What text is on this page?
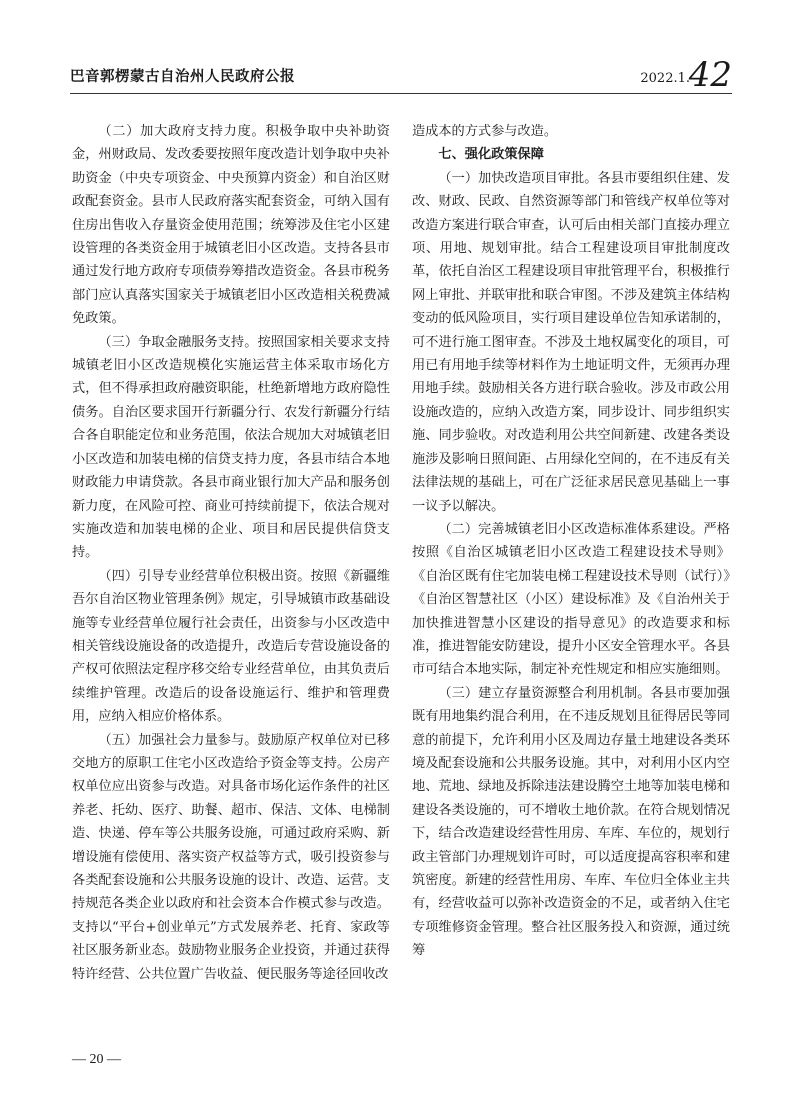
巴音郭楞蒙古自治州人民政府公报	2022.1.
42

（二）加大政府支持力度。积极争取中央补助资金，州财政局、发改委要按照年度改造计划争取中央补助资金（中央专项资金、中央预算内资金）和自治区财政配套资金。县市人民政府落实配套资金，可纳入国有住房出售收入存量资金使用范围；统筹涉及住宅小区建设管理的各类资金用于城镇老旧小区改造。支持各县市通过发行地方政府专项债券筹措改造资金。各县市税务部门应认真落实国家关于城镇老旧小区改造相关税费减免政策。

（三）争取金融服务支持。按照国家相关要求支持城镇老旧小区改造规模化实施运营主体采取市场化方式，但不得承担政府融资职能，杜绝新增地方政府隐性债务。自治区要求国开行新疆分行、农发行新疆分行结合各自职能定位和业务范围，依法合规加大对城镇老旧小区改造和加装电梯的信贷支持力度，各县市结合本地财政能力申请贷款。各县市商业银行加大产品和服务创新力度，在风险可控、商业可持续前提下，依法合规对实施改造和加装电梯的企业、项目和居民提供信贷支持。

（四）引导专业经营单位积极出资。按照《新疆维吾尔自治区物业管理条例》规定，引导城镇市政基础设施等专业经营单位履行社会责任，出资参与小区改造中相关管线设施设备的改造提升，改造后专营设施设备的产权可依照法定程序移交给专业经营单位，由其负责后续维护管理。改造后的设备设施运行、维护和管理费用，应纳入相应价格体系。

（五）加强社会力量参与。鼓励原产权单位对已移交地方的原职工住宅小区改造给予资金等支持。公房产权单位应出资参与改造。对具备市场化运作条件的社区养老、托幼、医疗、助餐、超市、保洁、文体、电梯制造、快递、停车等公共服务设施，可通过政府采购、新增设施有偿使用、落实资产权益等方式，吸引投资参与各类配套设施和公共服务设施的设计、改造、运营。支持规范各类企业以政府和社会资本合作模式参与改造。支持以“平台+创业单元”方式发展养老、托育、家政等社区服务新业态。鼓励物业服务企业投资，并通过获得特许经营、公共位置广告收益、便民服务等途径回收改

造成本的方式参与改造。

七、强化政策保障

（一）加快改造项目审批。各县市要组织住建、发改、财政、民政、自然资源等部门和管线产权单位等对改造方案进行联合审查，认可后由相关部门直接办理立项、用地、规划审批。结合工程建设项目审批制度改革，依托自治区工程建设项目审批管理平台，积极推行网上审批、并联审批和联合审图。不涉及建筑主体结构变动的低风险项目，实行项目建设单位告知承诺制的，可不进行施工图审查。不涉及土地权属变化的项目，可用已有用地手续等材料作为土地证明文件，无须再办理用地手续。鼓励相关各方进行联合验收。涉及市政公用设施改造的，应纳入改造方案，同步设计、同步组织实施、同步验收。对改造利用公共空间新建、改建各类设施涉及影响日照间距、占用绿化空间的，在不违反有关法律法规的基础上，可在广泛征求居民意见基础上一事一议予以解决。

（二）完善城镇老旧小区改造标准体系建设。严格按照《自治区城镇老旧小区改造工程建设技术导则》《自治区既有住宅加装电梯工程建设技术导则（试行）》《自治区智慧社区（小区）建设标准》及《自治州关于加快推进智慧小区建设的指导意见》的改造要求和标准，推进智能安防建设，提升小区安全管理水平。各县市可结合本地实际，制定补充性规定和相应实施细则。

（三）建立存量资源整合利用机制。各县市要加强既有用地集约混合利用，在不违反规划且征得居民等同意的前提下，允许利用小区及周边存量土地建设各类环境及配套设施和公共服务设施。其中，对利用小区内空地、荒地、绿地及拆除违法建设腾空土地等加装电梯和建设各类设施的，可不增收土地价款。在符合规划情况下，结合改造建设经营性用房、车库、车位的，规划行政主管部门办理规划许可时，可以适度提高容积率和建筑密度。新建的经营性用房、车库、车位归全体业主共有，经营收益可以弥补改造资金的不足，或者纳入住宅专项维修资金管理。整合社区服务投入和资源，通过统筹

— 20 —
